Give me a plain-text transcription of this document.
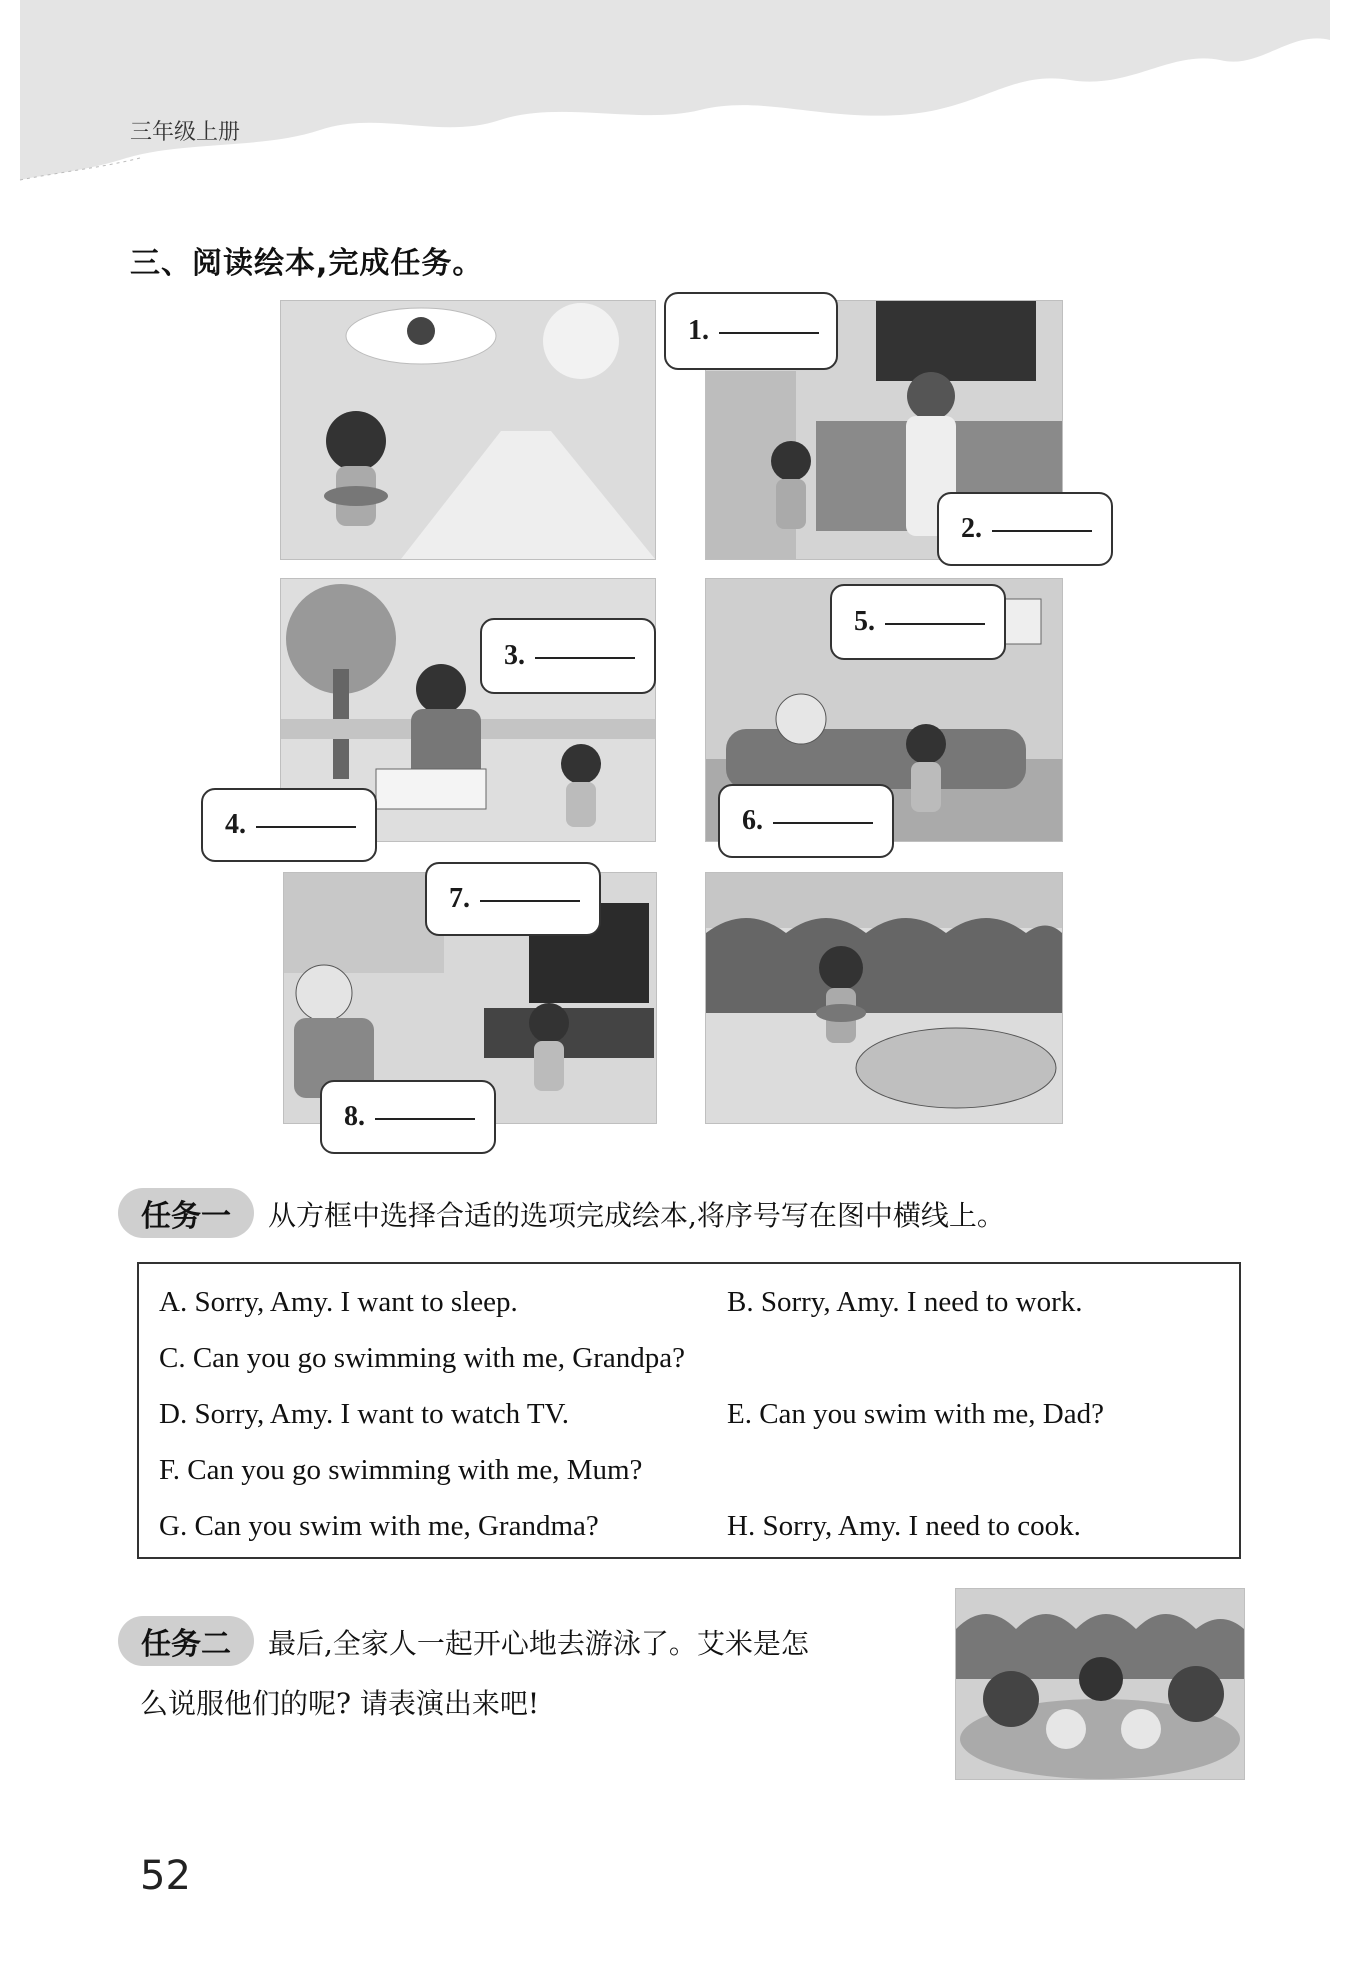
三年级上册
三、阅读绘本,完成任务。
1.
2.
3.
4.
5.
6.
7.
8.
任务一	从方框中选择合适的选项完成绘本,将序号写在图中横线上。
A. Sorry, Amy. I want to sleep.	B. Sorry, Amy. I need to work.
C. Can you go swimming with me, Grandpa?
D. Sorry, Amy. I want to watch TV.	E. Can you swim with me, Dad?
F. Can you go swimming with me, Mum?
G. Can you swim with me, Grandma?	H. Sorry, Amy. I need to cook.
任务二	最后,全家人一起开心地去游泳了。艾米是怎
么说服他们的呢? 请表演出来吧!
52
